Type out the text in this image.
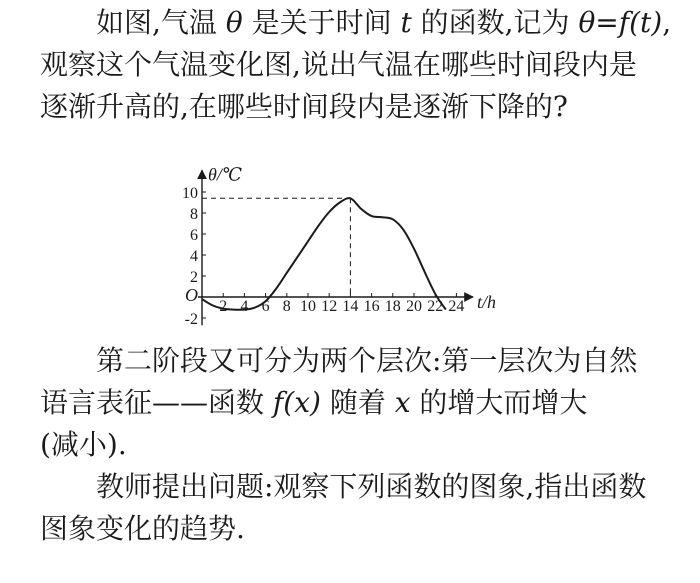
如图,气温 θ 是关于时间 t 的函数,记为 θ=f(t),
观察这个气温变化图,说出气温在哪些时间段内是
逐渐升高的,在哪些时间段内是逐渐下降的?
θ/℃
t/h
O
2 4 6 8 10 12 14 16 18 20 22 24
10
8
6
4
2
-2
第二阶段又可分为两个层次:第一层次为自然
语言表征——函数 f(x) 随着 x 的增大而增大
(减小).
教师提出问题:观察下列函数的图象,指出函数
图象变化的趋势.
